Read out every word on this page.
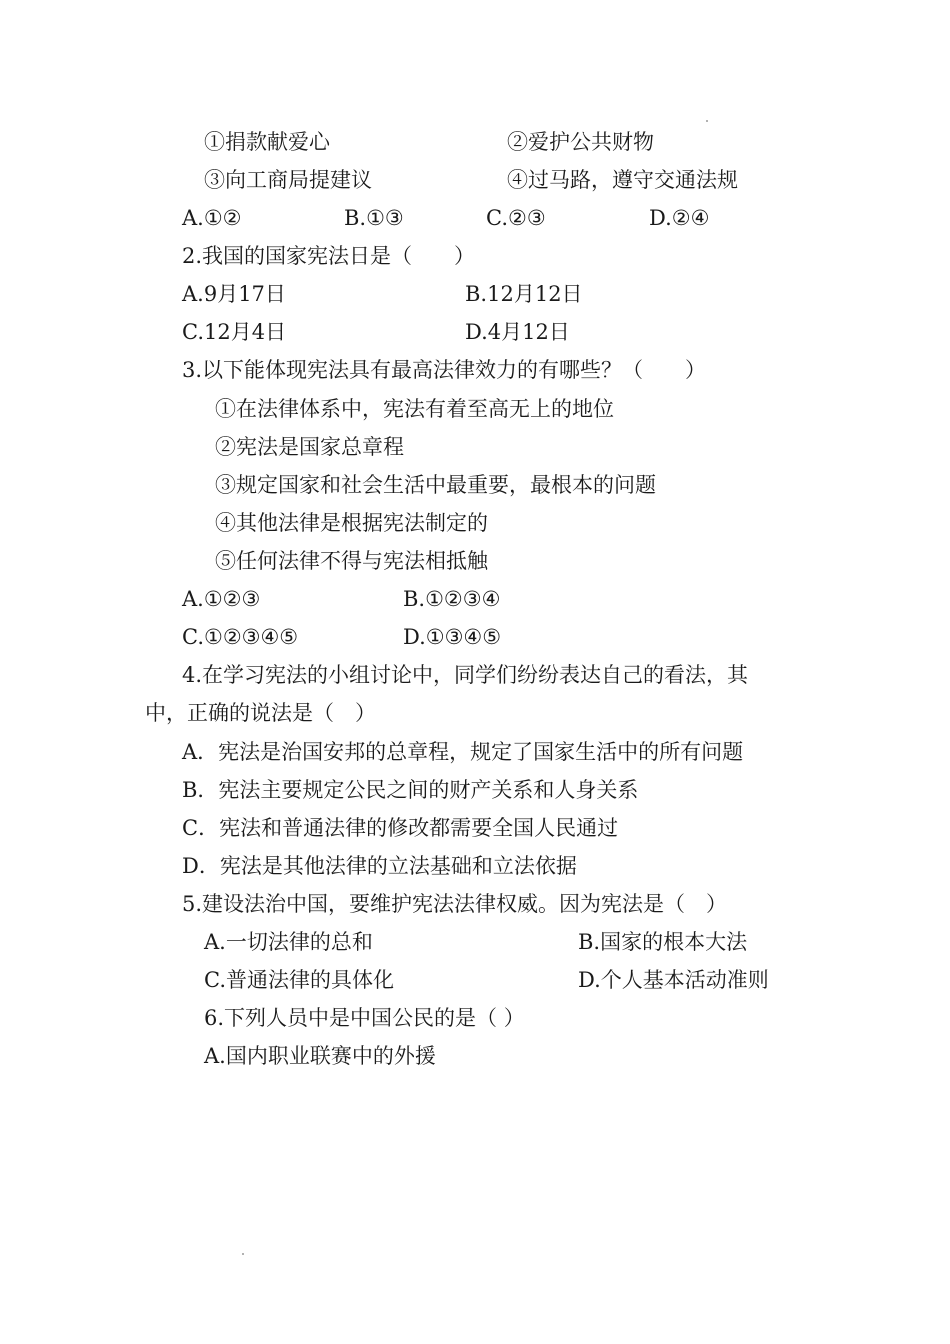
①捐款献爱心	②爱护公共财物
③向工商局提建议	④过马路，遵守交通法规
A.①②	B.①③	C.②③	D.②④
2.我国的国家宪法日是（　　）
A.9月17日	B.12月12日
C.12月4日	D.4月12日
3.以下能体现宪法具有最高法律效力的有哪些？（　　）
①在法律体系中，宪法有着至高无上的地位
②宪法是国家总章程
③规定国家和社会生活中最重要，最根本的问题
④其他法律是根据宪法制定的
⑤任何法律不得与宪法相抵触
A.①②③	B.①②③④
C.①②③④⑤	D.①③④⑤
4.在学习宪法的小组讨论中，同学们纷纷表达自己的看法，其
中，正确的说法是（　）
A．宪法是治国安邦的总章程，规定了国家生活中的所有问题
B．宪法主要规定公民之间的财产关系和人身关系
C．宪法和普通法律的修改都需要全国人民通过
D．宪法是其他法律的立法基础和立法依据
5.建设法治中国，要维护宪法法律权威。因为宪法是（　）
A.一切法律的总和	B.国家的根本大法
C.普通法律的具体化	D.个人基本活动准则
6.下列人员中是中国公民的是（ ）
A.国内职业联赛中的外援
